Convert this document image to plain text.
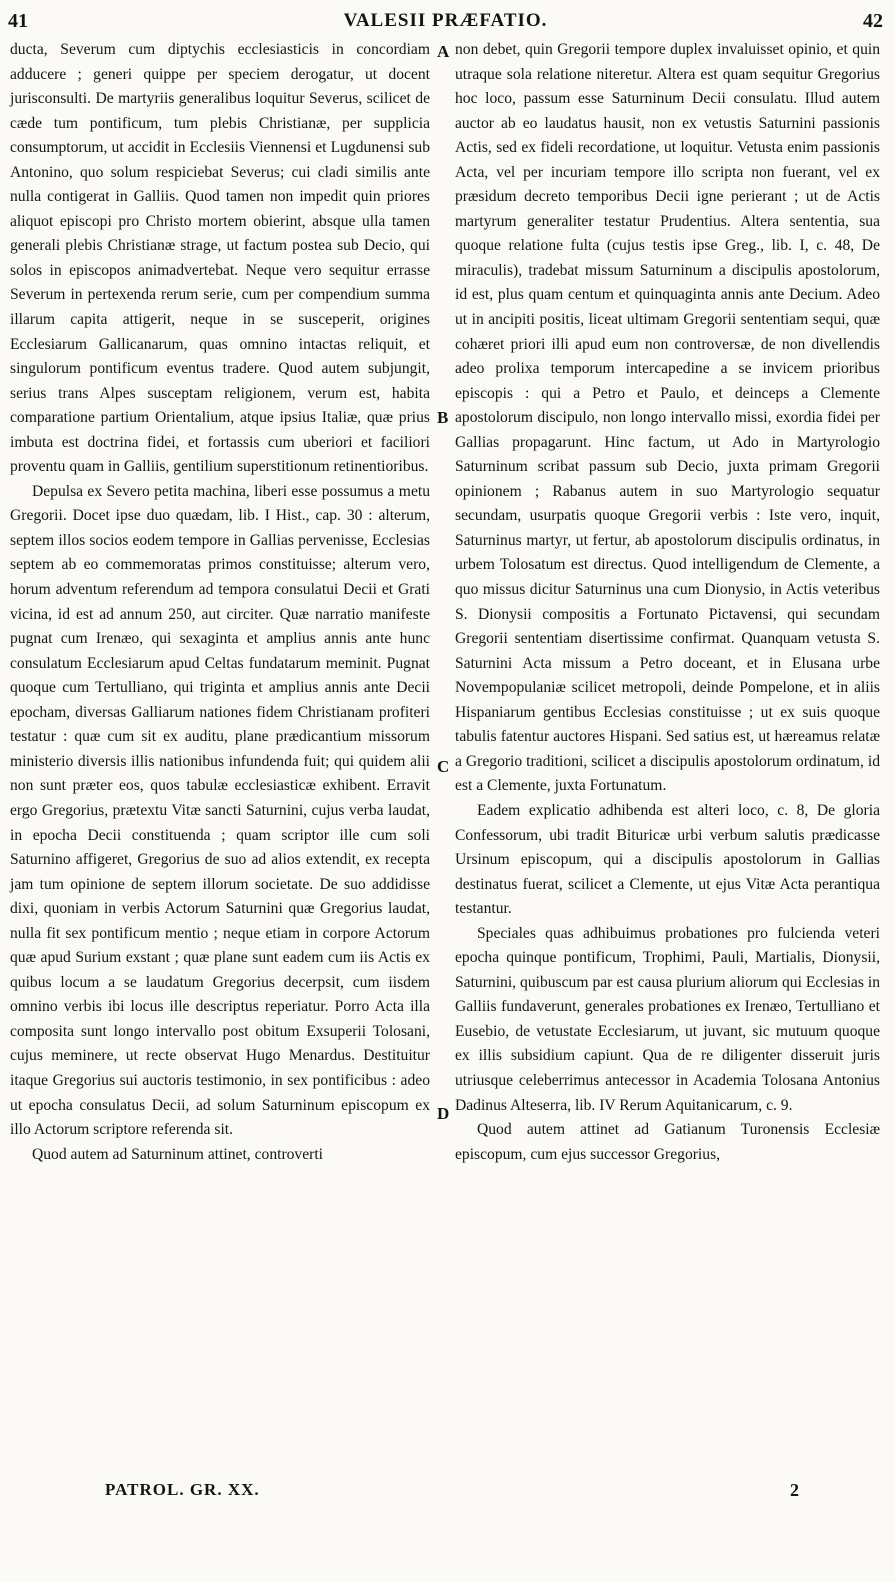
41	VALESII PRÆFATIO.	42

ducta, Severum cum diptychis ecclesiasticis in concordiam adducere ; generi quippe per speciem derogatur, ut docent jurisconsulti. De martyriis generalibus loquitur Severus, scilicet de cæde tum pontificum, tum plebis Christianæ, per supplicia consumptorum, ut accidit in Ecclesiis Viennensi et Lugdunensi sub Antonino, quo solum respiciebat Severus; cui cladi similis ante nulla contigerat in Galliis. Quod tamen non impedit quin priores aliquot episcopi pro Christo mortem obierint, absque ulla tamen generali plebis Christianæ strage, ut factum postea sub Decio, qui solos in episcopos animadvertebat. Neque vero sequitur errasse Severum in pertexenda rerum serie, cum per compendium summa illarum capita attigerit, neque in se susceperit, origines Ecclesiarum Gallicanarum, quas omnino intactas reliquit, et singulorum pontificum eventus tradere. Quod autem subjungit, serius trans Alpes susceptam religionem, verum est, habita comparatione partium Orientalium, atque ipsius Italiæ, quæ prius imbuta est doctrina fidei, et fortassis cum uberiori et faciliori proventu quam in Galliis, gentilium superstitionum retinentioribus.

Depulsa ex Severo petita machina, liberi esse possumus a metu Gregorii. Docet ipse duo quædam, lib. I Hist., cap. 30 : alterum, septem illos socios eodem tempore in Gallias pervenisse, Ecclesias septem ab eo commemoratas primos constituisse; alterum vero, horum adventum referendum ad tempora consulatui Decii et Grati vicina, id est ad annum 250, aut circiter. Quæ narratio manifeste pugnat cum Irenæo, qui sexaginta et amplius annis ante hunc consulatum Ecclesiarum apud Celtas fundatarum meminit. Pugnat quoque cum Tertulliano, qui triginta et amplius annis ante Decii epocham, diversas Galliarum nationes fidem Christianam profiteri testatur : quæ cum sit ex auditu, plane prædicantium missorum ministerio diversis illis nationibus infundenda fuit; qui quidem alii non sunt præter eos, quos tabulæ ecclesiasticæ exhibent. Erravit ergo Gregorius, prætextu Vitæ sancti Saturnini, cujus verba laudat, in epocha Decii constituenda ; quam scriptor ille cum soli Saturnino affigeret, Gregorius de suo ad alios extendit, ex recepta jam tum opinione de septem illorum societate. De suo addidisse dixi, quoniam in verbis Actorum Saturnini quæ Gregorius laudat, nulla fit sex pontificum mentio ; neque etiam in corpore Actorum quæ apud Surium exstant ; quæ plane sunt eadem cum iis Actis ex quibus locum a se laudatum Gregorius decerpsit, cum iisdem omnino verbis ibi locus ille descriptus reperiatur. Porro Acta illa composita sunt longo intervallo post obitum Exsuperii Tolosani, cujus meminere, ut recte observat Hugo Menardus. Destituitur itaque Gregorius sui auctoris testimonio, in sex pontificibus : adeo ut epocha consulatus Decii, ad solum Saturninum episcopum ex illo Actorum scriptore referenda sit.

Quod autem ad Saturninum attinet, controverti

non debet, quin Gregorii tempore duplex invaluisset opinio, et quin utraque sola relatione niteretur. Altera est quam sequitur Gregorius hoc loco, passum esse Saturninum Decii consulatu. Illud autem auctor ab eo laudatus hausit, non ex vetustis Saturnini passionis Actis, sed ex fideli recordatione, ut loquitur. Vetusta enim passionis Acta, vel per incuriam tempore illo scripta non fuerant, vel ex præsidum decreto temporibus Decii igne perierant ; ut de Actis martyrum generaliter testatur Prudentius. Altera sententia, sua quoque relatione fulta (cujus testis ipse Greg., lib. I, c. 48, De miraculis), tradebat missum Saturninum a discipulis apostolorum, id est, plus quam centum et quinquaginta annis ante Decium. Adeo ut in ancipiti positis, liceat ultimam Gregorii sententiam sequi, quæ cohæret priori illi apud eum non controversæ, de non divellendis adeo prolixa temporum intercapedine a se invicem prioribus episcopis : qui a Petro et Paulo, et deinceps a Clemente apostolorum discipulo, non longo intervallo missi, exordia fidei per Gallias propagarunt. Hinc factum, ut Ado in Martyrologio Saturninum scribat passum sub Decio, juxta primam Gregorii opinionem ; Rabanus autem in suo Martyrologio sequatur secundam, usurpatis quoque Gregorii verbis : Iste vero, inquit, Saturninus martyr, ut fertur, ab apostolorum discipulis ordinatus, in urbem Tolosatum est directus. Quod intelligendum de Clemente, a quo missus dicitur Saturninus una cum Dionysio, in Actis veteribus S. Dionysii compositis a Fortunato Pictavensi, qui secundam Gregorii sententiam disertissime confirmat. Quanquam vetusta S. Saturnini Acta missum a Petro doceant, et in Elusana urbe Novempopulaniæ scilicet metropoli, deinde Pompelone, et in aliis Hispaniarum gentibus Ecclesias constituisse ; ut ex suis quoque tabulis fatentur auctores Hispani. Sed satius est, ut hæreamus relatæ a Gregorio traditioni, scilicet a discipulis apostolorum ordinatum, id est a Clemente, juxta Fortunatum.

Eadem explicatio adhibenda est alteri loco, c. 8, De gloria Confessorum, ubi tradit Bituricæ urbi verbum salutis prædicasse Ursinum episcopum, qui a discipulis apostolorum in Gallias destinatus fuerat, scilicet a Clemente, ut ejus Vitæ Acta perantiqua testantur.

Speciales quas adhibuimus probationes pro fulcienda veteri epocha quinque pontificum, Trophimi, Pauli, Martialis, Dionysii, Saturnini, quibuscum par est causa plurium aliorum qui Ecclesias in Galliis fundaverunt, generales probationes ex Irenæo, Tertulliano et Eusebio, de vetustate Ecclesiarum, ut juvant, sic mutuum quoque ex illis subsidium capiunt. Qua de re diligenter disseruit juris utriusque celeberrimus antecessor in Academia Tolosana Antonius Dadinus Alteserra, lib. IV Rerum Aquitanicarum, c. 9.

Quod autem attinet ad Gatianum Turonensis Ecclesiæ episcopum, cum ejus successor Gregorius,

A
B
C
D
PATROL. GR. XX.	2
